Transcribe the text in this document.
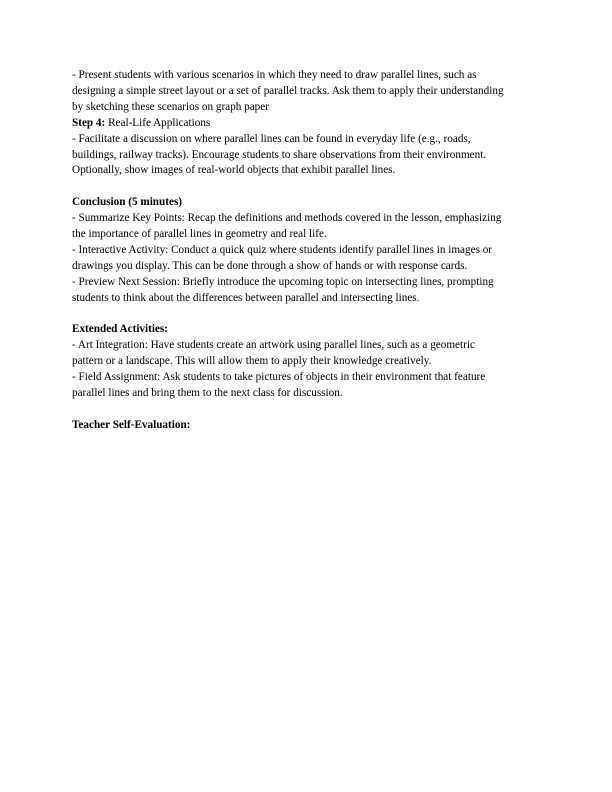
- Present students with various scenarios in which they need to draw parallel lines, such as
designing a simple street layout or a set of parallel tracks. Ask them to apply their understanding
by sketching these scenarios on graph paper
Step 4: Real-Life Applications
- Facilitate a discussion on where parallel lines can be found in everyday life (e.g., roads,
buildings, railway tracks). Encourage students to share observations from their environment.
Optionally, show images of real-world objects that exhibit parallel lines.
Conclusion (5 minutes)
- Summarize Key Points: Recap the definitions and methods covered in the lesson, emphasizing
the importance of parallel lines in geometry and real life.
- Interactive Activity: Conduct a quick quiz where students identify parallel lines in images or
drawings you display. This can be done through a show of hands or with response cards.
- Preview Next Session: Briefly introduce the upcoming topic on intersecting lines, prompting
students to think about the differences between parallel and intersecting lines.
Extended Activities:
- Art Integration: Have students create an artwork using parallel lines, such as a geometric
pattern or a landscape. This will allow them to apply their knowledge creatively.
- Field Assignment: Ask students to take pictures of objects in their environment that feature
parallel lines and bring them to the next class for discussion.
Teacher Self-Evaluation:
